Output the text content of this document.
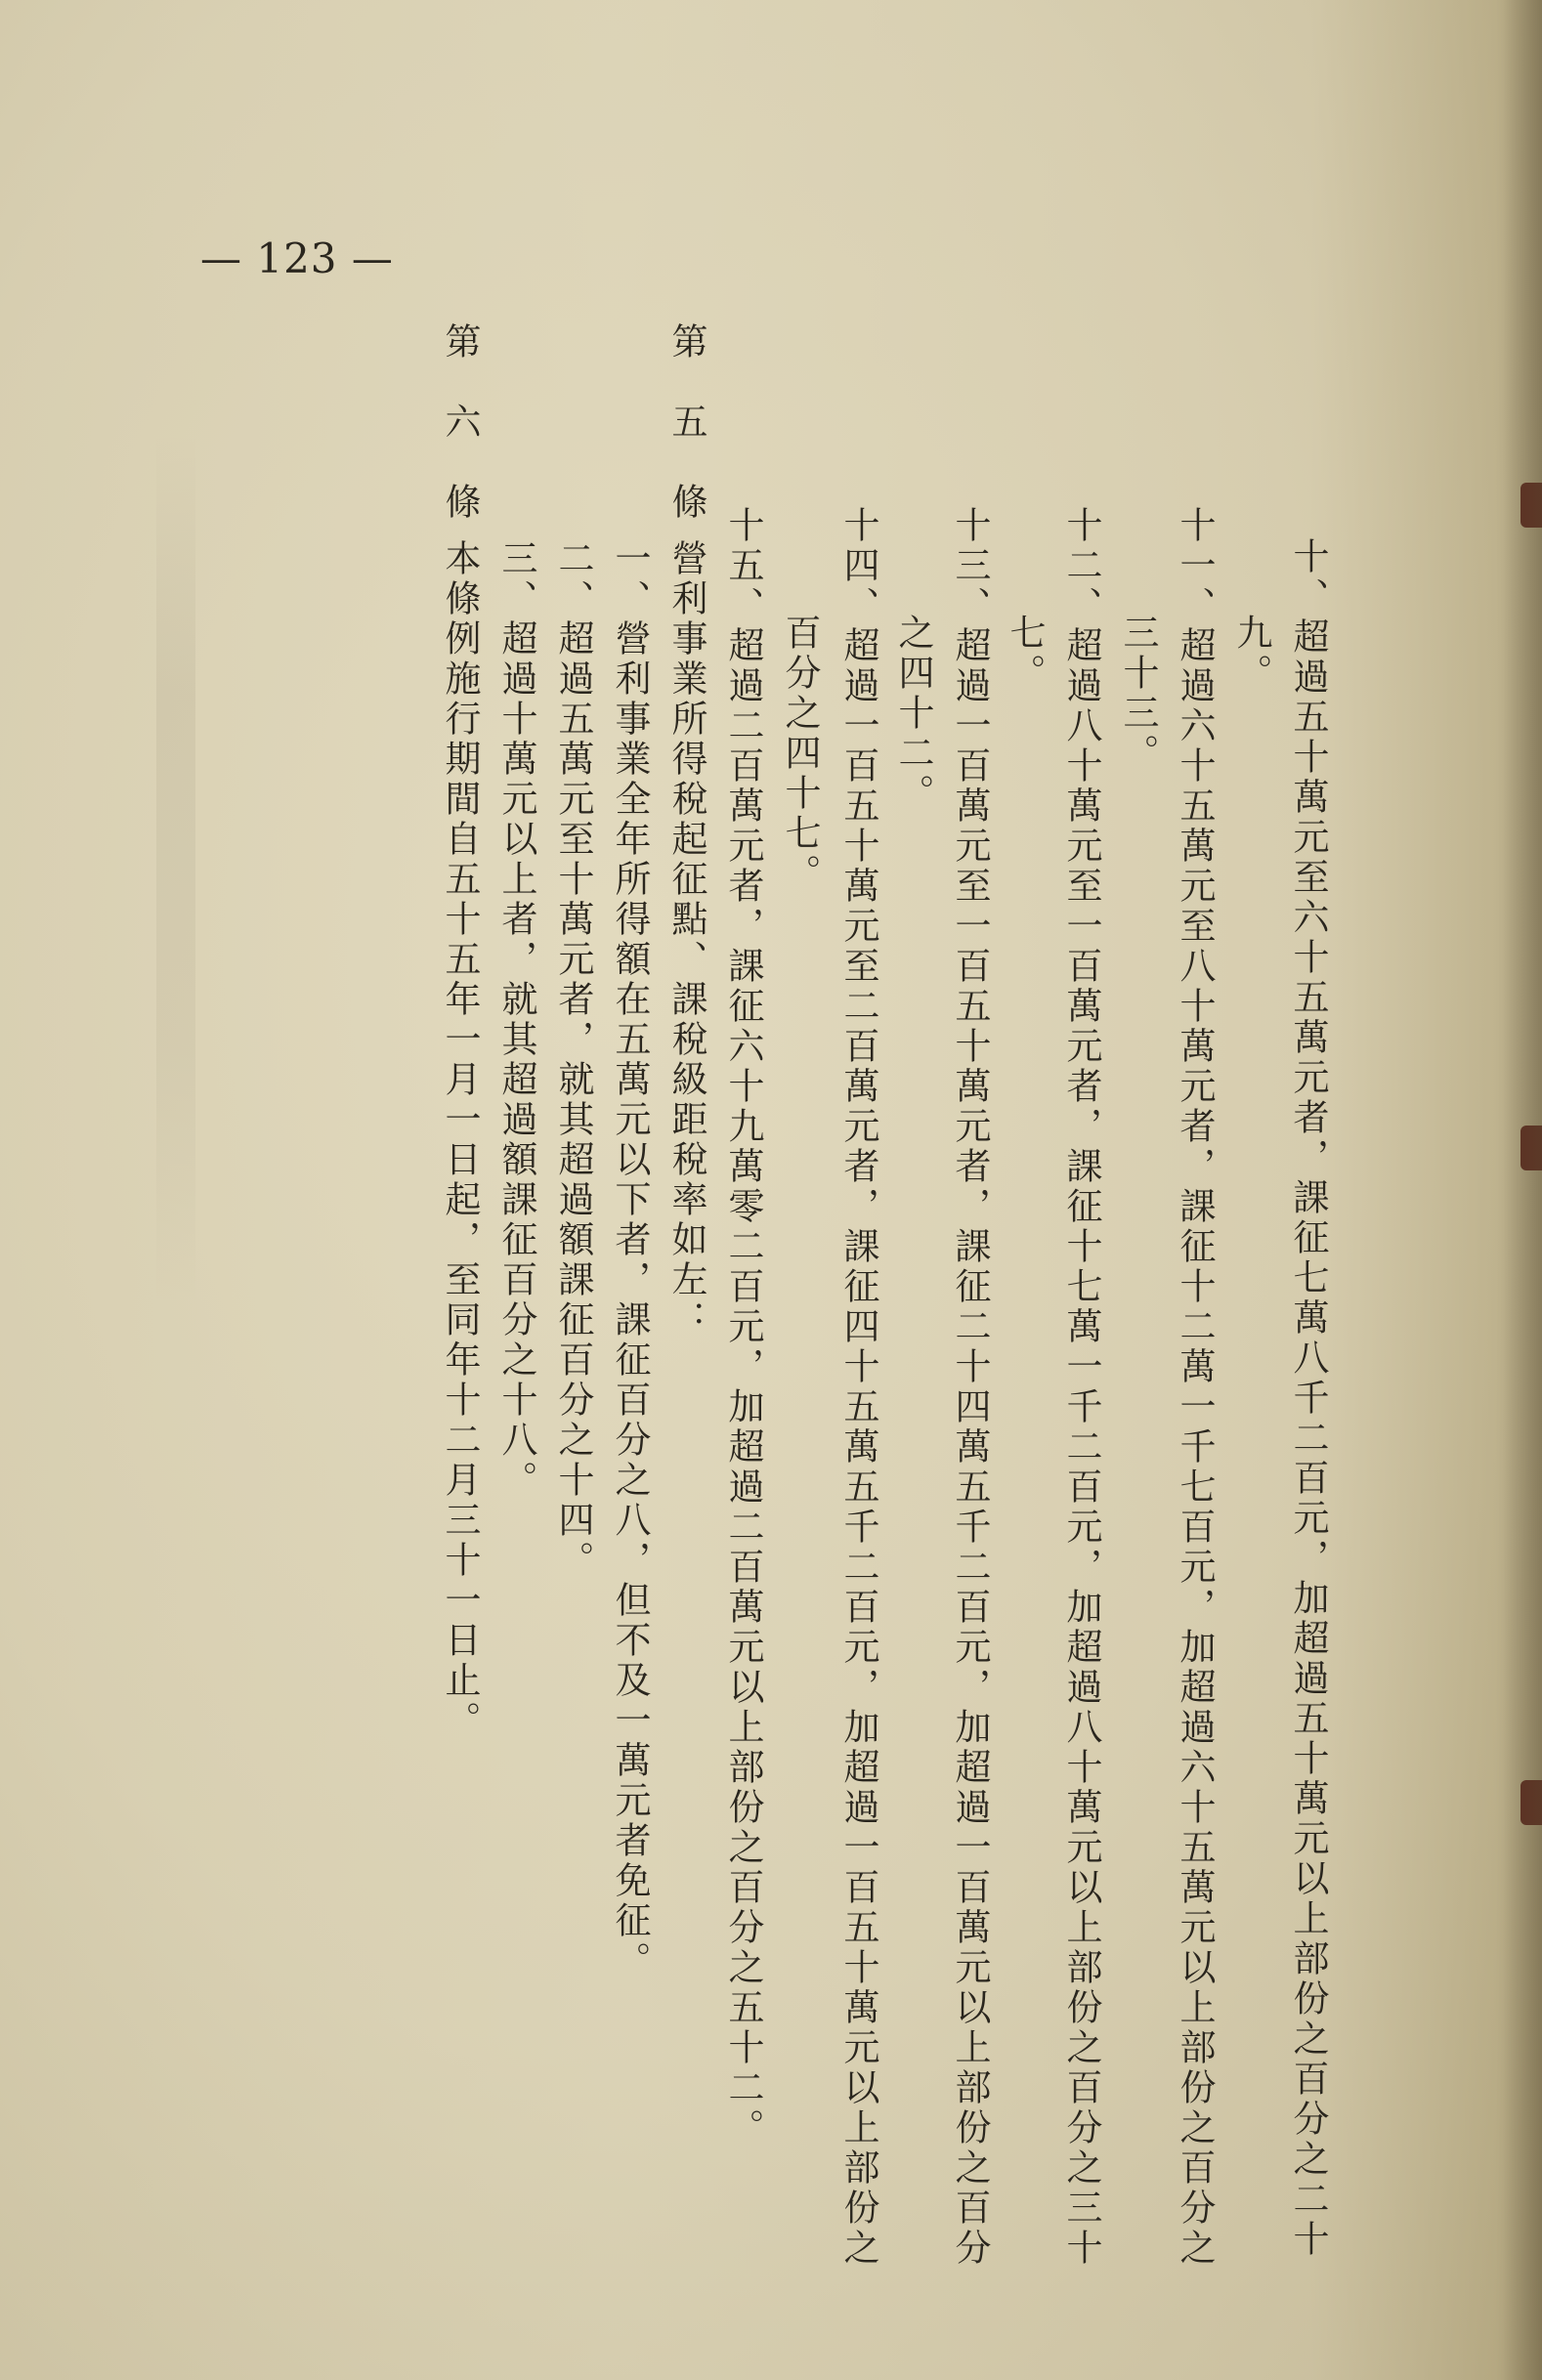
— 123 —
十、超過五十萬元至六十五萬元者，課征七萬八千二百元，加超過五十萬元以上部份之百分之二十
九。
十一、超過六十五萬元至八十萬元者，課征十二萬一千七百元，加超過六十五萬元以上部份之百分之
三十三。
十二、超過八十萬元至一百萬元者，課征十七萬一千二百元，加超過八十萬元以上部份之百分之三十
七。
十三、超過一百萬元至一百五十萬元者，課征二十四萬五千二百元，加超過一百萬元以上部份之百分
之四十二。
十四、超過一百五十萬元至二百萬元者，課征四十五萬五千二百元，加超過一百五十萬元以上部份之
百分之四十七。
十五、超過二百萬元者，課征六十九萬零二百元，加超過二百萬元以上部份之百分之五十二。
第　五　條
營利事業所得稅起征點、課稅級距稅率如左：
一、營利事業全年所得額在五萬元以下者，課征百分之八，但不及一萬元者免征。
二、超過五萬元至十萬元者，就其超過額課征百分之十四。
三、超過十萬元以上者，就其超過額課征百分之十八。
第　六　條
本條例施行期間自五十五年一月一日起，至同年十二月三十一日止。
